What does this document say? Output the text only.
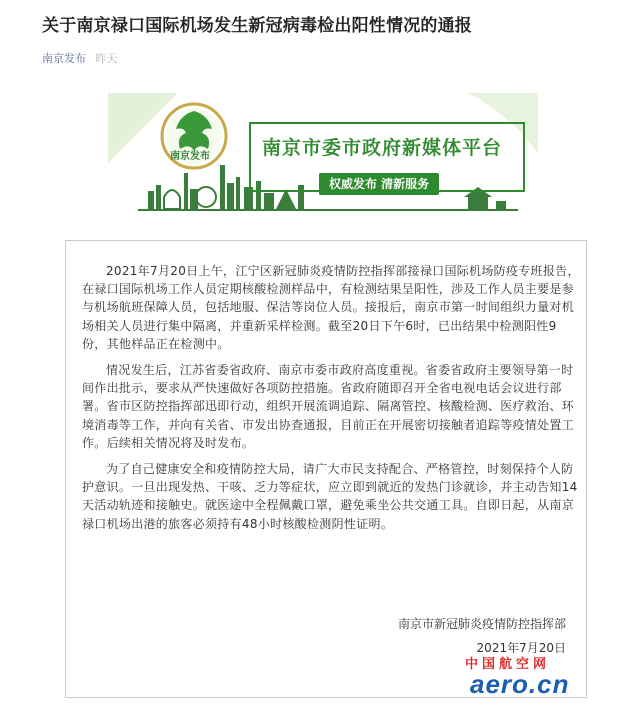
关于南京禄口国际机场发生新冠病毒检出阳性情况的通报
南京发布 昨天
南京发布	南京市委市政府新媒体平台
权威发布 清新服务

2021年7月20日上午，江宁区新冠肺炎疫情防控指挥部接禄口国际机场防疫专班报告，在禄口国际机场工作人员定期核酸检测样品中，有检测结果呈阳性，涉及工作人员主要是参与机场航班保障人员，包括地服、保洁等岗位人员。接报后，南京市第一时间组织力量对机场相关人员进行集中隔离，并重新采样检测。截至20日下午6时，已出结果中检测阳性9份，其他样品正在检测中。

情况发生后，江苏省委省政府、南京市委市政府高度重视。省委省政府主要领导第一时间作出批示，要求从严快速做好各项防控措施。省政府随即召开全省电视电话会议进行部署。省市区防控指挥部迅即行动，组织开展流调追踪、隔离管控、核酸检测、医疗救治、环境消毒等工作，并向有关省、市发出协查通报，目前正在开展密切接触者追踪等疫情处置工作。后续相关情况将及时发布。

为了自己健康安全和疫情防控大局，请广大市民支持配合、严格管控，时刻保持个人防护意识。一旦出现发热、干咳、乏力等症状，应立即到就近的发热门诊就诊，并主动告知14天活动轨迹和接触史。就医途中全程佩戴口罩，避免乘坐公共交通工具。自即日起，从南京禄口机场出港的旅客必须持有48小时核酸检测阴性证明。

南京市新冠肺炎疫情防控指挥部
2021年7月20日
中国航空网
aero.cn
